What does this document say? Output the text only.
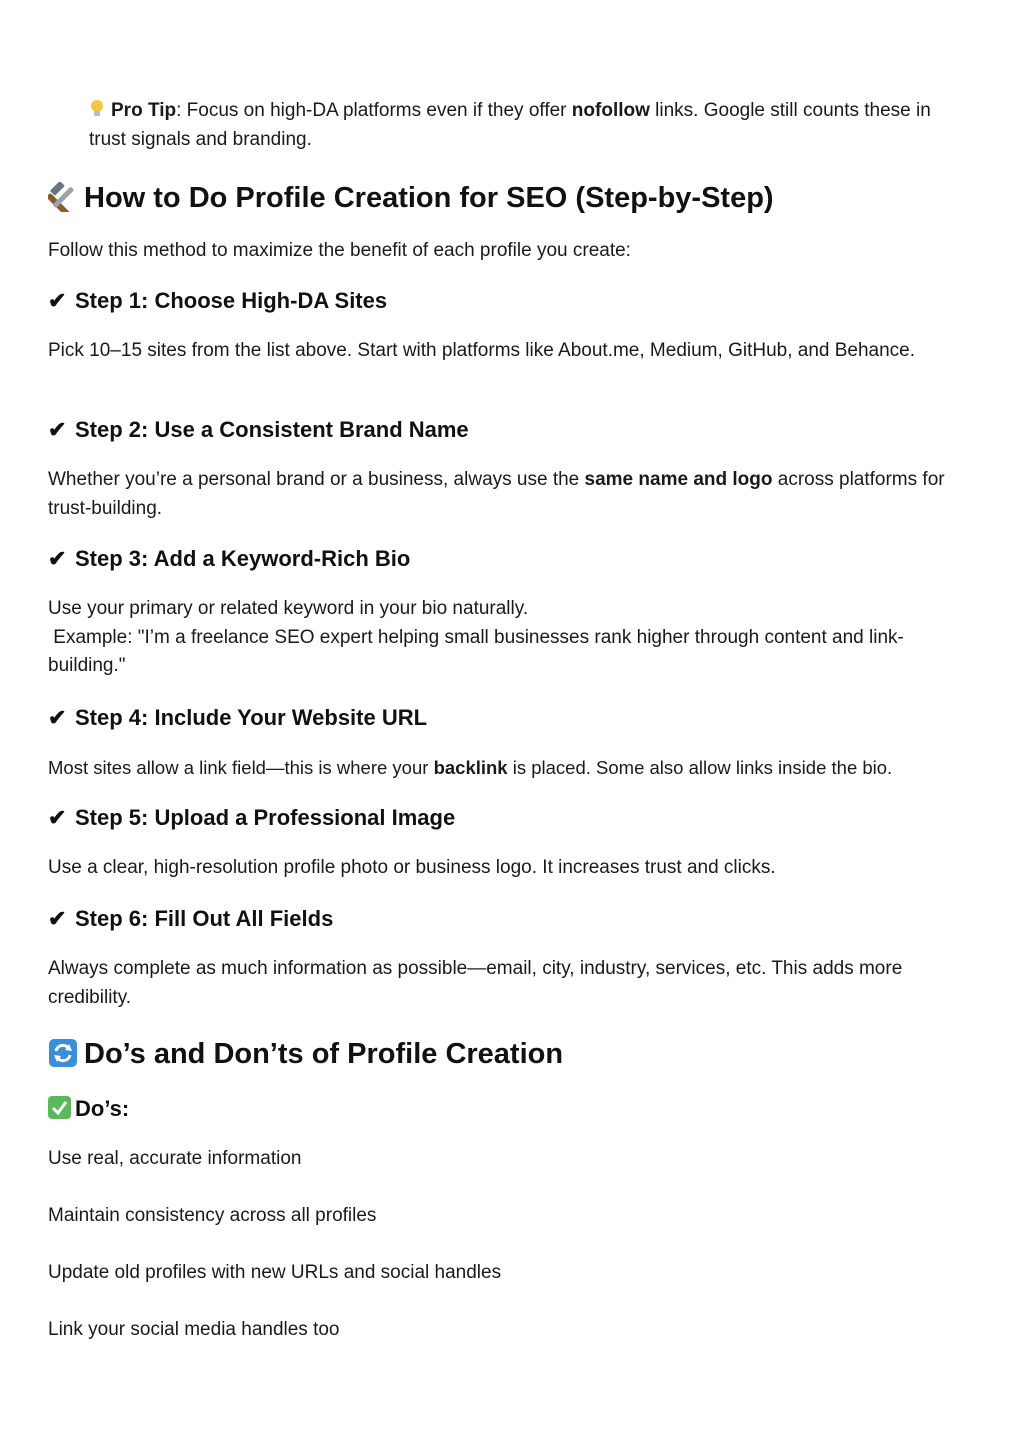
Pro Tip: Focus on high-DA platforms even if they offer nofollow links. Google still counts these in trust signals and branding.
How to Do Profile Creation for SEO (Step-by-Step)
Follow this method to maximize the benefit of each profile you create:
✔ Step 1: Choose High-DA Sites
Pick 10–15 sites from the list above. Start with platforms like About.me, Medium, GitHub, and Behance.
✔ Step 2: Use a Consistent Brand Name
Whether you’re a personal brand or a business, always use the same name and logo across platforms for trust-building.
✔ Step 3: Add a Keyword-Rich Bio
Use your primary or related keyword in your bio naturally.
Example: "I’m a freelance SEO expert helping small businesses rank higher through content and link-building."
✔ Step 4: Include Your Website URL
Most sites allow a link field—this is where your backlink is placed. Some also allow links inside the bio.
✔ Step 5: Upload a Professional Image
Use a clear, high-resolution profile photo or business logo. It increases trust and clicks.
✔ Step 6: Fill Out All Fields
Always complete as much information as possible—email, city, industry, services, etc. This adds more credibility.
Do’s and Don’ts of Profile Creation
Do’s:
Use real, accurate information
Maintain consistency across all profiles
Update old profiles with new URLs and social handles
Link your social media handles too
